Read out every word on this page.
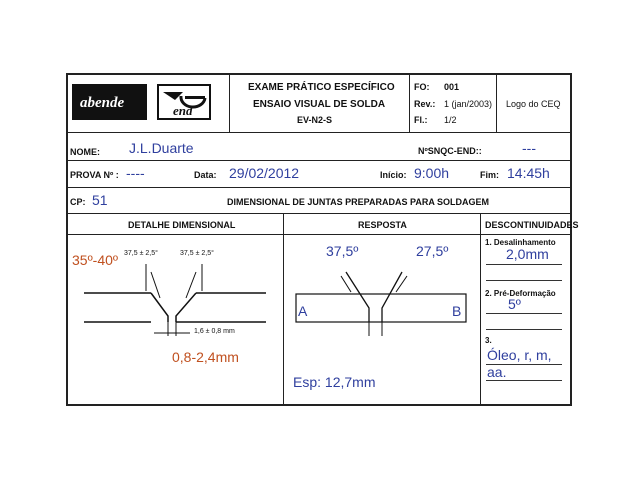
abende	end
EXAME PRÁTICO ESPECÍFICO
ENSAIO VISUAL DE SOLDA
EV-N2-S
FO: 001
Rev.: 1 (jan/2003)
Fl.: 1/2
Logo do CEQ
NOME: J.L.Duarte	NºSNQC-END::	---
PROVA Nº : ----	Data: 29/02/2012	Início: 9:00h	Fim: 14:45h
CP: 51	DIMENSIONAL DE JUNTAS PREPARADAS PARA SOLDAGEM
DETALHE DIMENSIONAL	RESPOSTA	DESCONTINUIDADES
37,5 ± 2,5°	37,5 ± 2,5°
1,6 ± 0,8 mm
35º-40º
0,8-2,4mm
37,5º	27,5º
A	B
Esp: 12,7mm
1. Desalinhamento
2,0mm
2. Pré-Deformação
5º
3.
Óleo, r, m, aa.
